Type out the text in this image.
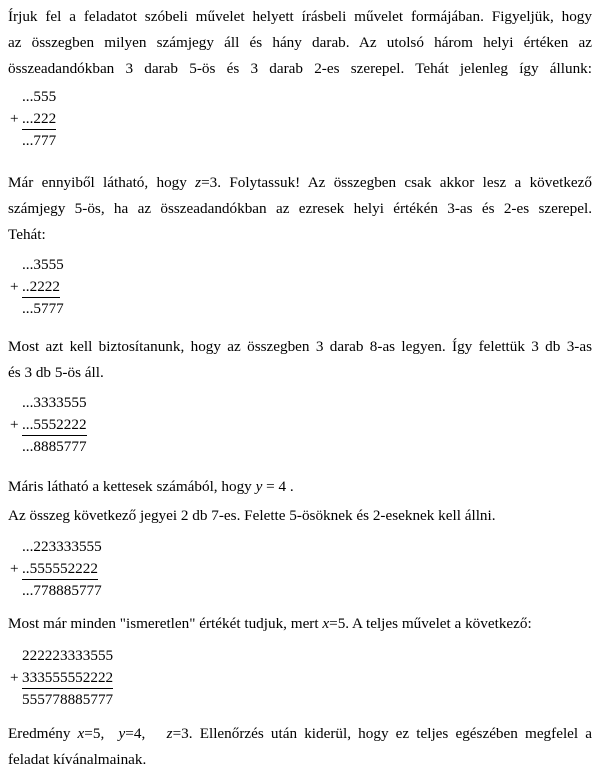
Írjuk fel a feladatot szóbeli művelet helyett írásbeli művelet formájában. Figyeljük, hogy
az összegben milyen számjegy áll és hány darab. Az utolsó három helyi értéken az
összeadandókban 3 darab 5-ös és 3 darab 2-es szerepel. Tehát jelenleg így állunk:
...555
+ ...222
...777
Már ennyiből látható, hogy z=3. Folytassuk! Az összegben csak akkor lesz a következő
számjegy 5-ös, ha az összeadandókban az ezresek helyi értékén 3-as és 2-es szerepel.
Tehát:
...3555
+ ..2222
...5777
Most azt kell biztosítanunk, hogy az összegben 3 darab 8-as legyen. Így felettük 3 db 3-as
és 3 db 5-ös áll.
...3333555
+ ...5552222
...8885777
Máris látható a kettesek számából, hogy y = 4 .
Az összeg következő jegyei 2 db 7-es. Felette 5-ösöknek és 2-eseknek kell állni.
...223333555
+ ..555552222
...778885777
Most már minden "ismeretlen" értékét tudjuk, mert x=5. A teljes művelet a következő:
222223333555
+ 333555552222
555778885777
Eredmény x=5, y=4, z=3. Ellenőrzés után kiderül, hogy ez teljes egészében megfelel a
feladat kívánalmainak.
